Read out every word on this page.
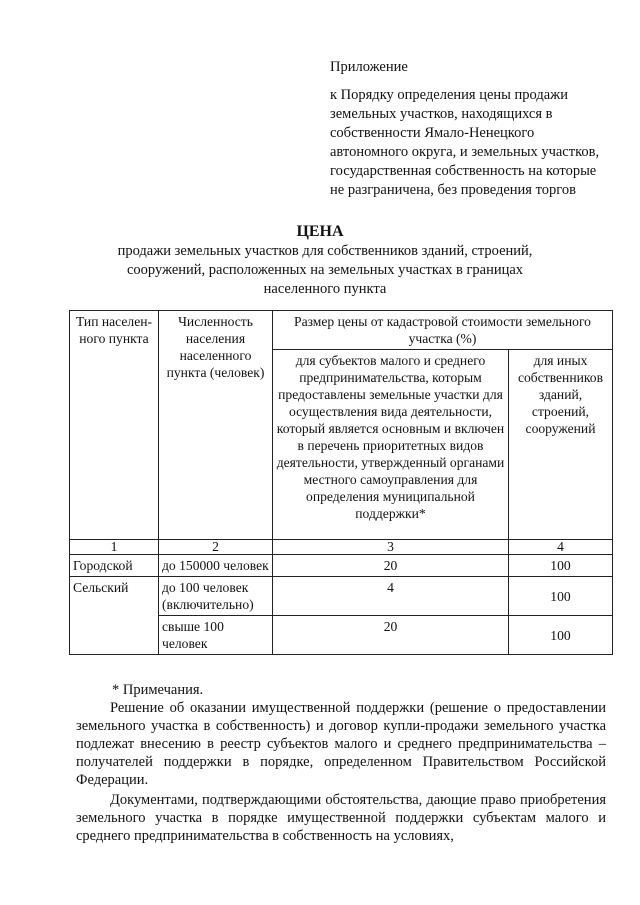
Приложение
к Порядку определения цены продажи
земельных участков, находящихся в
собственности Ямало-Ненецкого
автономного округа, и земельных участков,
государственная собственность на которые
не разграничена, без проведения торгов
ЦЕНА
продажи земельных участков для собственников зданий, строений, сооружений, расположенных на земельных участках в границах населенного пункта
Тип населен-ного пункта	Численность населения населенного пункта (человек)	Размер цены от кадастровой стоимости земельного участка (%)	
		для субъектов малого и среднего предпринимательства, которым предоставлены земельные участки для осуществления вида деятельности, который является основным и включен в перечень приоритетных видов деятельности, утвержденный органами местного самоуправления для определения муниципальной поддержки*	для иных собственников зданий, строений, сооружений
1	2	3	4
Городской	до 150000 человек	20	100
Сельский	до 100 человек (включительно)	4	100
	свыше 100 человек	20	100
* Примечания.

Решение об оказании имущественной поддержки (решение о предоставлении земельного участка в собственность) и договор купли-продажи земельного участка подлежат внесению в реестр субъектов малого и среднего предпринимательства – получателей поддержки в порядке, определенном Правительством Российской Федерации.

Документами, подтверждающими обстоятельства, дающие право приобретения земельного участка в порядке имущественной поддержки субъектам малого и среднего предпринимательства в собственность на условиях,
